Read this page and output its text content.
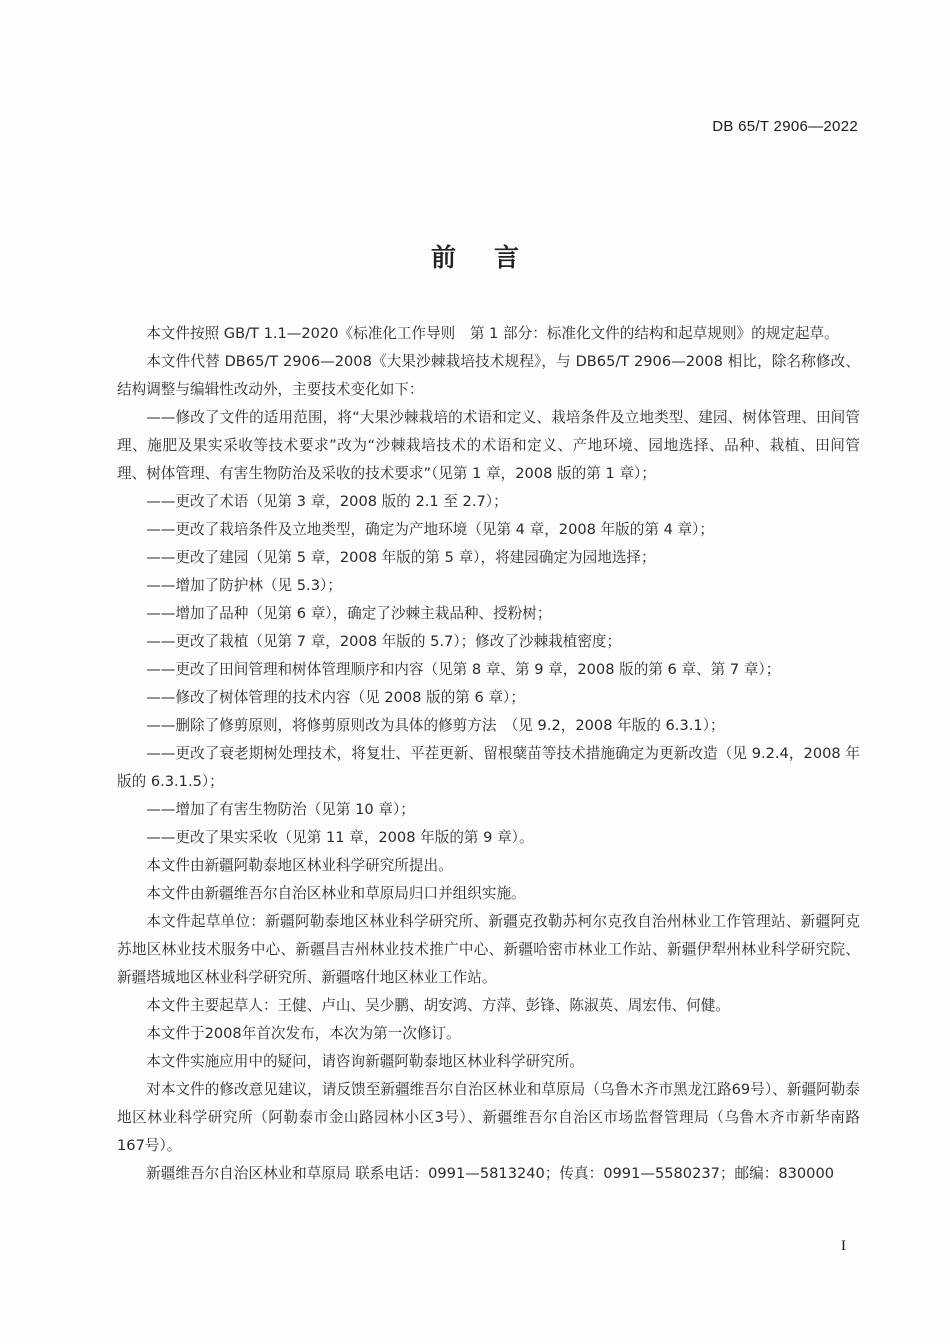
DB 65/T 2906—2022
前言

本文件按照 GB/T 1.1—2020《标准化工作导则　第 1 部分：标准化文件的结构和起草规则》的规定起草。

本文件代替 DB65/T 2906—2008《大果沙棘栽培技术规程》，与 DB65/T 2906—2008 相比，除名称修改、结构调整与编辑性改动外，主要技术变化如下：

——修改了文件的适用范围，将“大果沙棘栽培的术语和定义、栽培条件及立地类型、建园、树体管理、田间管理、施肥及果实采收等技术要求”改为“沙棘栽培技术的术语和定义、产地环境、园地选择、品种、栽植、田间管理、树体管理、有害生物防治及采收的技术要求”（见第 1 章，2008 版的第 1 章）；

——更改了术语（见第 3 章，2008 版的 2.1 至 2.7）；

——更改了栽培条件及立地类型，确定为产地环境（见第 4 章，2008 年版的第 4 章）；

——更改了建园（见第 5 章，2008 年版的第 5 章），将建园确定为园地选择；

——增加了防护林（见 5.3）；

——增加了品种（见第 6 章），确定了沙棘主栽品种、授粉树；

——更改了栽植（见第 7 章，2008 年版的 5.7）；修改了沙棘栽植密度；

——更改了田间管理和树体管理顺序和内容（见第 8 章、第 9 章，2008 版的第 6 章、第 7 章）；

——修改了树体管理的技术内容（见 2008 版的第 6 章）；

——删除了修剪原则，将修剪原则改为具体的修剪方法　（见 9.2，2008 年版的 6.3.1）；

——更改了衰老期树处理技术，将复壮、平茬更新、留根蘖苗等技术措施确定为更新改造（见 9.2.4，2008 年版的 6.3.1.5）；

——增加了有害生物防治（见第 10 章）；

——更改了果实采收（见第 11 章，2008 年版的第 9 章）。

本文件由新疆阿勒泰地区林业科学研究所提出。

本文件由新疆维吾尔自治区林业和草原局归口并组织实施。

本文件起草单位：新疆阿勒泰地区林业科学研究所、新疆克孜勒苏柯尔克孜自治州林业工作管理站、新疆阿克苏地区林业技术服务中心、新疆昌吉州林业技术推广中心、新疆哈密市林业工作站、新疆伊犁州林业科学研究院、新疆塔城地区林业科学研究所、新疆喀什地区林业工作站。

本文件主要起草人：王健、卢山、吴少鹏、胡安鸿、方萍、彭锋、陈淑英、周宏伟、何健。

本文件于2008年首次发布，本次为第一次修订。

本文件实施应用中的疑问，请咨询新疆阿勒泰地区林业科学研究所。

对本文件的修改意见建议，请反馈至新疆维吾尔自治区林业和草原局（乌鲁木齐市黑龙江路69号）、新疆阿勒泰地区林业科学研究所（阿勒泰市金山路园林小区3号）、新疆维吾尔自治区市场监督管理局（乌鲁木齐市新华南路167号）。

新疆维吾尔自治区林业和草原局 联系电话：0991—5813240；传真：0991—5580237；邮编：830000

I
